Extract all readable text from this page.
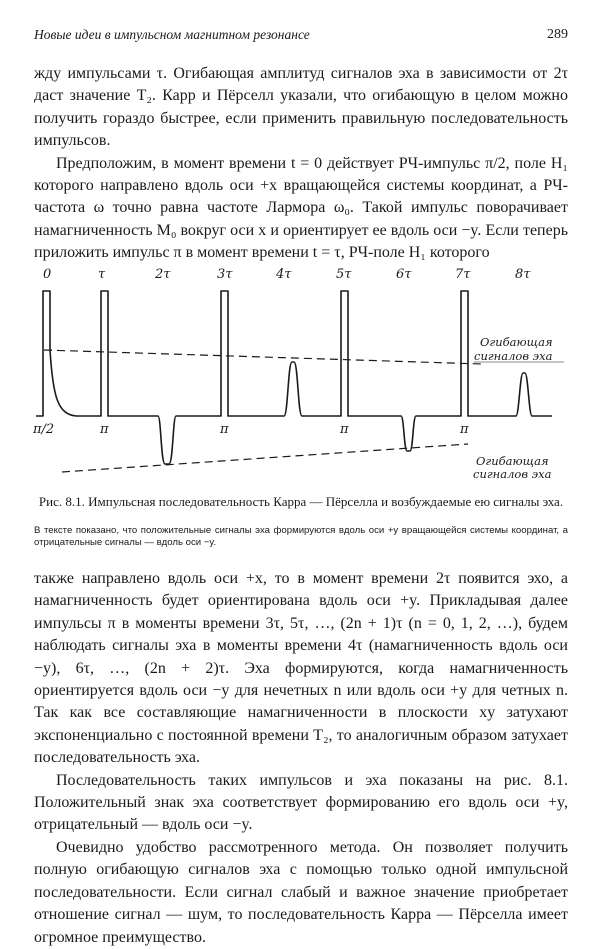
Новые идеи в импульсном магнитном резонансе	289

жду импульсами τ. Огибающая амплитуд сигналов эха в зависимости от 2τ даст значение T₂. Карр и Пёрселл указали, что огибающую в целом можно получить гораздо быстрее, если применить правильную последовательность импульсов.

Предположим, в момент времени t = 0 действует РЧ-импульс π/2, поле H₁ которого направлено вдоль оси +x вращающейся системы координат, а РЧ-частота ω точно равна частоте Лармора ω₀. Такой импульс поворачивает намагниченность M₀ вокруг оси x и ориентирует ее вдоль оси −y. Если теперь приложить импульс π в момент времени t = τ, РЧ-поле H₁ которого

0	τ	2τ	3τ	4τ	5τ	6τ	7τ	8τ
π/2	π	π	π	π
Огибающая
сигналов эха
Огибающая
сигналов эха
Рис. 8.1. Импульсная последовательность Карра — Пёрселла и возбуждаемые ею сигналы эха.
В тексте показано, что положительные сигналы эха формируются вдоль оси +y вращающейся системы координат, а отрицательные сигналы — вдоль оси −y.

также направлено вдоль оси +x, то в момент времени 2τ появится эхо, а намагниченность будет ориентирована вдоль оси +y. Прикладывая далее импульсы π в моменты времени 3τ, 5τ, …, (2n + 1)τ (n = 0, 1, 2, …), будем наблюдать сигналы эха в моменты времени 4τ (намагниченность вдоль оси −y), 6τ, …, (2n + 2)τ. Эха формируются, когда намагниченность ориентируется вдоль оси −y для нечетных n или вдоль оси +y для четных n. Так как все составляющие намагниченности в плоскости xy затухают экспоненциально с постоянной времени T₂, то аналогичным образом затухает последовательность эха.

Последовательность таких импульсов и эха показаны на рис. 8.1. Положительный знак эха соответствует формированию его вдоль оси +y, отрицательный — вдоль оси −y.

Очевидно удобство рассмотренного метода. Он позволяет получить полную огибающую сигналов эха с помощью только одной импульсной последовательности. Если сигнал слабый и важное значение приобретает отношение сигнал — шум, то последовательность Карра — Пёрселла имеет огромное преимущество.
